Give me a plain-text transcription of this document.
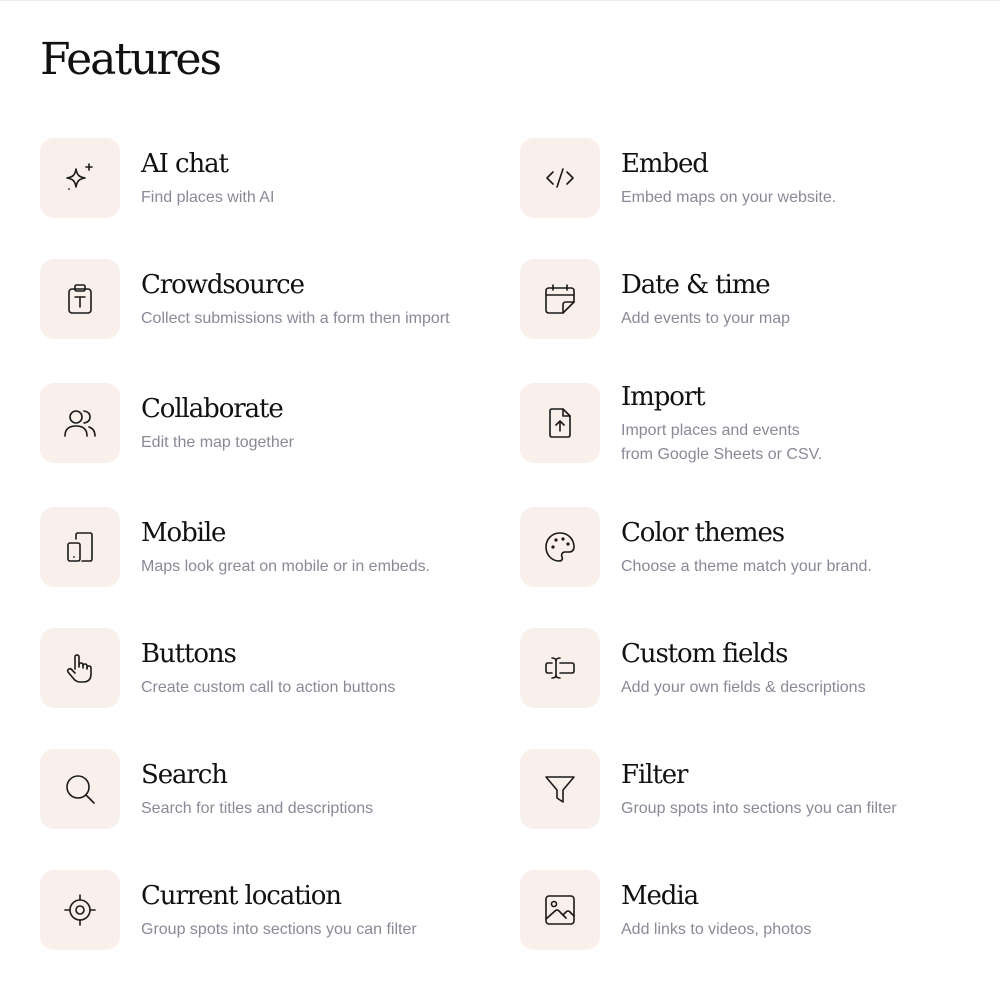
Features
AI chat

Find places with AI

Embed

Embed maps on your website.

Crowdsource

Collect submissions with a form then import

Date & time

Add events to your map

Collaborate

Edit the map together

Import

Import places and events
from Google Sheets or CSV.

Mobile

Maps look great on mobile or in embeds.

Color themes

Choose a theme match your brand.

Buttons

Create custom call to action buttons

Custom fields

Add your own fields & descriptions

Search

Search for titles and descriptions

Filter

Group spots into sections you can filter

Current location

Group spots into sections you can filter

Media

Add links to videos, photos
